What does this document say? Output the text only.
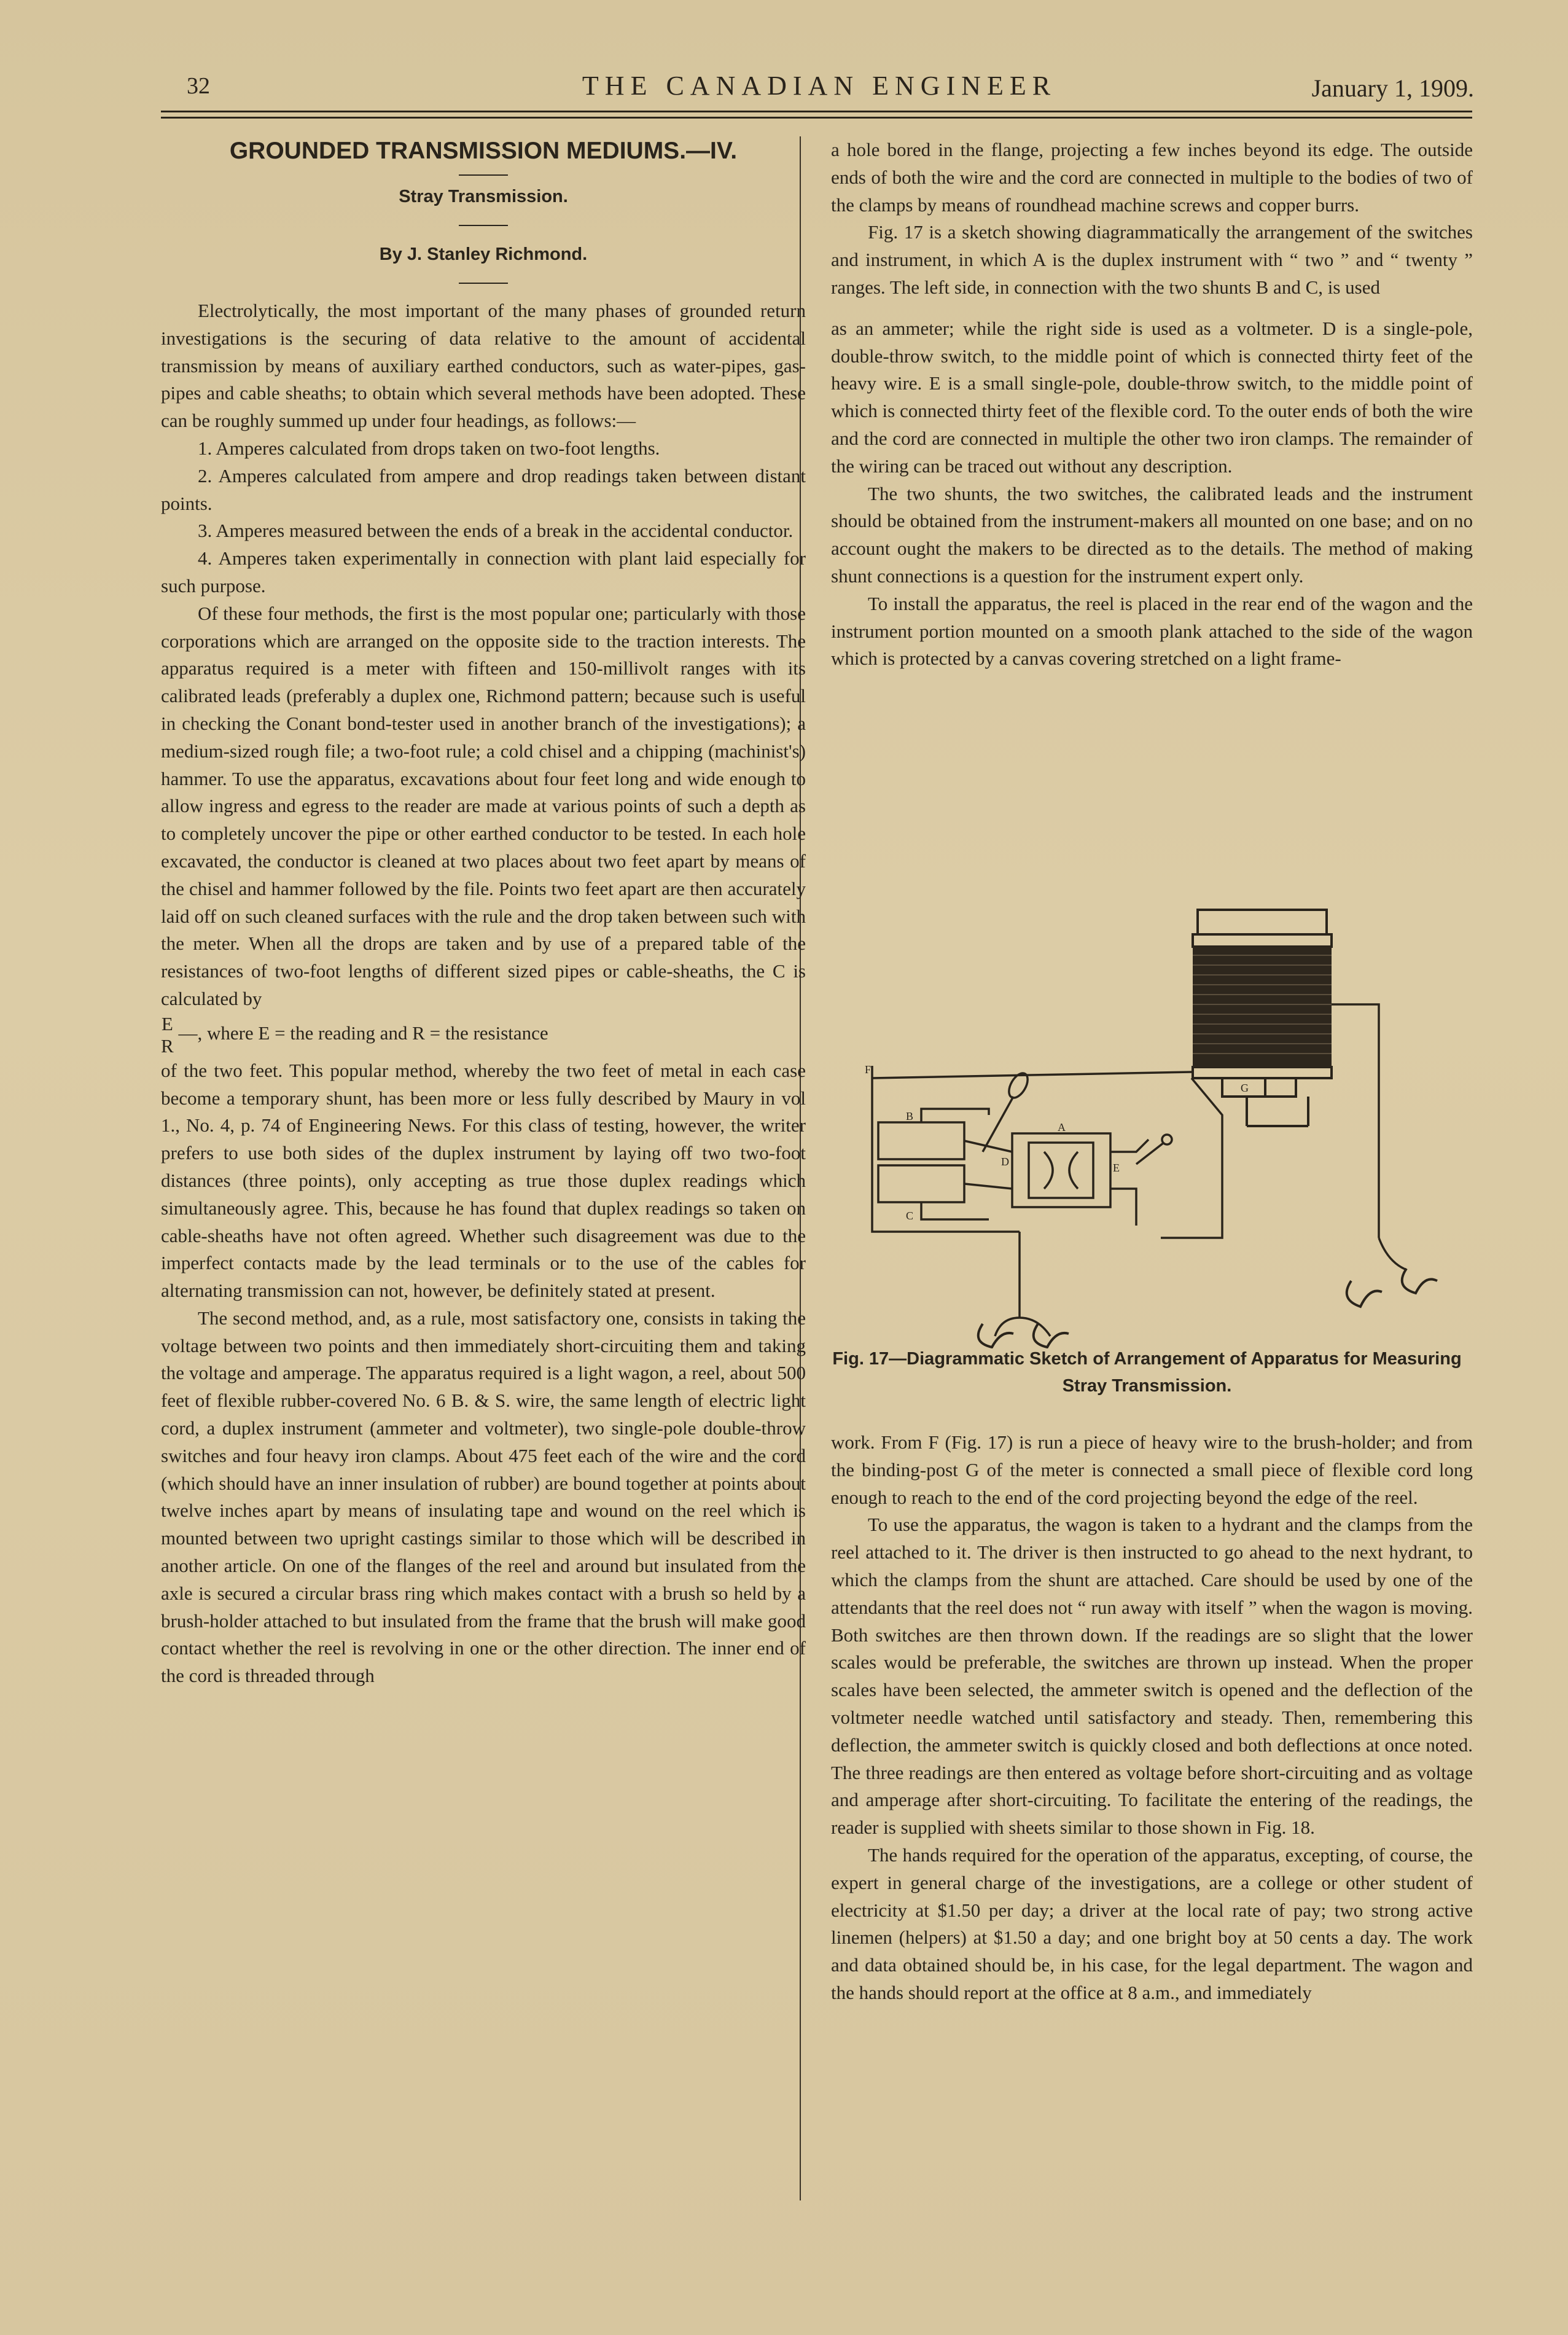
32	THE CANADIAN ENGINEER	January 1, 1909.
GROUNDED TRANSMISSION MEDIUMS.—IV.
Stray Transmission.
By J. Stanley Richmond.

Electrolytically, the most important of the many phases of grounded return investigations is the securing of data relative to the amount of accidental transmission by means of auxiliary earthed conductors, such as water-pipes, gas-pipes and cable sheaths; to obtain which several methods have been adopted. These can be roughly summed up under four headings, as follows:—

1. Amperes calculated from drops taken on two-foot lengths.

2. Amperes calculated from ampere and drop readings taken between distant points.

3. Amperes measured between the ends of a break in the accidental conductor.

4. Amperes taken experimentally in connection with plant laid especially for such purpose.

Of these four methods, the first is the most popular one; particularly with those corporations which are arranged on the opposite side to the traction interests. The apparatus required is a meter with fifteen and 150-millivolt ranges with its calibrated leads (preferably a duplex one, Richmond pattern; because such is useful in checking the Conant bond-tester used in another branch of the investigations); a medium-sized rough file; a two-foot rule; a cold chisel and a chipping (machinist's) hammer. To use the apparatus, excavations about four feet long and wide enough to allow ingress and egress to the reader are made at various points of such a depth as to completely uncover the pipe or other earthed conductor to be tested. In each hole excavated, the conductor is cleaned at two places about two feet apart by means of the chisel and hammer followed by the file. Points two feet apart are then accurately laid off on such cleaned surfaces with the rule and the drop taken between such with the meter. When all the drops are taken and by use of a prepared table of the resistances of two-foot lengths of different sized pipes or cable-sheaths, the C is calculated by

E
R
—, where E = the reading and R = the resistance

of the two feet. This popular method, whereby the two feet of metal in each case become a temporary shunt, has been more or less fully described by Maury in vol 1., No. 4, p. 74 of Engineering News. For this class of testing, however, the writer prefers to use both sides of the duplex instrument by laying off two two-foot distances (three points), only accepting as true those duplex readings which simultaneously agree. This, because he has found that duplex readings so taken on cable-sheaths have not often agreed. Whether such disagreement was due to the imperfect contacts made by the lead terminals or to the use of the cables for alternating transmission can not, however, be definitely stated at present.

The second method, and, as a rule, most satisfactory one, consists in taking the voltage between two points and then immediately short-circuiting them and taking the voltage and amperage. The apparatus required is a light wagon, a reel, about 500 feet of flexible rubber-covered No. 6 B. & S. wire, the same length of electric light cord, a duplex instrument (ammeter and voltmeter), two single-pole double-throw switches and four heavy iron clamps. About 475 feet each of the wire and the cord (which should have an inner insulation of rubber) are bound together at points about twelve inches apart by means of insulating tape and wound on the reel which is mounted between two upright castings similar to those which will be described in another article. On one of the flanges of the reel and around but insulated from the axle is secured a circular brass ring which makes contact with a brush so held by a brush-holder attached to but insulated from the frame that the brush will make good contact whether the reel is revolving in one or the other direction. The inner end of the cord is threaded through

a hole bored in the flange, projecting a few inches beyond its edge. The outside ends of both the wire and the cord are connected in multiple to the bodies of two of the clamps by means of roundhead machine screws and copper burrs.

Fig. 17 is a sketch showing diagrammatically the arrangement of the switches and instrument, in which A is the duplex instrument with “ two ” and “ twenty ” ranges. The left side, in connection with the two shunts B and C, is used

as an ammeter; while the right side is used as a voltmeter. D is a single-pole, double-throw switch, to the middle point of which is connected thirty feet of the heavy wire. E is a small single-pole, double-throw switch, to the middle point of which is connected thirty feet of the flexible cord. To the outer ends of both the wire and the cord are connected in multiple the other two iron clamps. The remainder of the wiring can be traced out without any description.

The two shunts, the two switches, the calibrated leads and the instrument should be obtained from the instrument-makers all mounted on one base; and on no account ought the makers to be directed as to the details. The method of making shunt connections is a question for the instrument expert only.

To install the apparatus, the reel is placed in the rear end of the wagon and the instrument portion mounted on a smooth plank attached to the side of the wagon which is protected by a canvas covering stretched on a light frame-

F
B
C
A
D	E
G
Fig. 17—Diagrammatic Sketch of Arrangement of Apparatus for Measuring Stray Transmission.

work. From F (Fig. 17) is run a piece of heavy wire to the brush-holder; and from the binding-post G of the meter is connected a small piece of flexible cord long enough to reach to the end of the cord projecting beyond the edge of the reel.

To use the apparatus, the wagon is taken to a hydrant and the clamps from the reel attached to it. The driver is then instructed to go ahead to the next hydrant, to which the clamps from the shunt are attached. Care should be used by one of the attendants that the reel does not “ run away with itself ” when the wagon is moving. Both switches are then thrown down. If the readings are so slight that the lower scales would be preferable, the switches are thrown up instead. When the proper scales have been selected, the ammeter switch is opened and the deflection of the voltmeter needle watched until satisfactory and steady. Then, remembering this deflection, the ammeter switch is quickly closed and both deflections at once noted. The three readings are then entered as voltage before short-circuiting and as voltage and amperage after short-circuiting. To facilitate the entering of the readings, the reader is supplied with sheets similar to those shown in Fig. 18.

The hands required for the operation of the apparatus, excepting, of course, the expert in general charge of the investigations, are a college or other student of electricity at $1.50 per day; a driver at the local rate of pay; two strong active linemen (helpers) at $1.50 a day; and one bright boy at 50 cents a day. The work and data obtained should be, in his case, for the legal department. The wagon and the hands should report at the office at 8 a.m., and immediately
